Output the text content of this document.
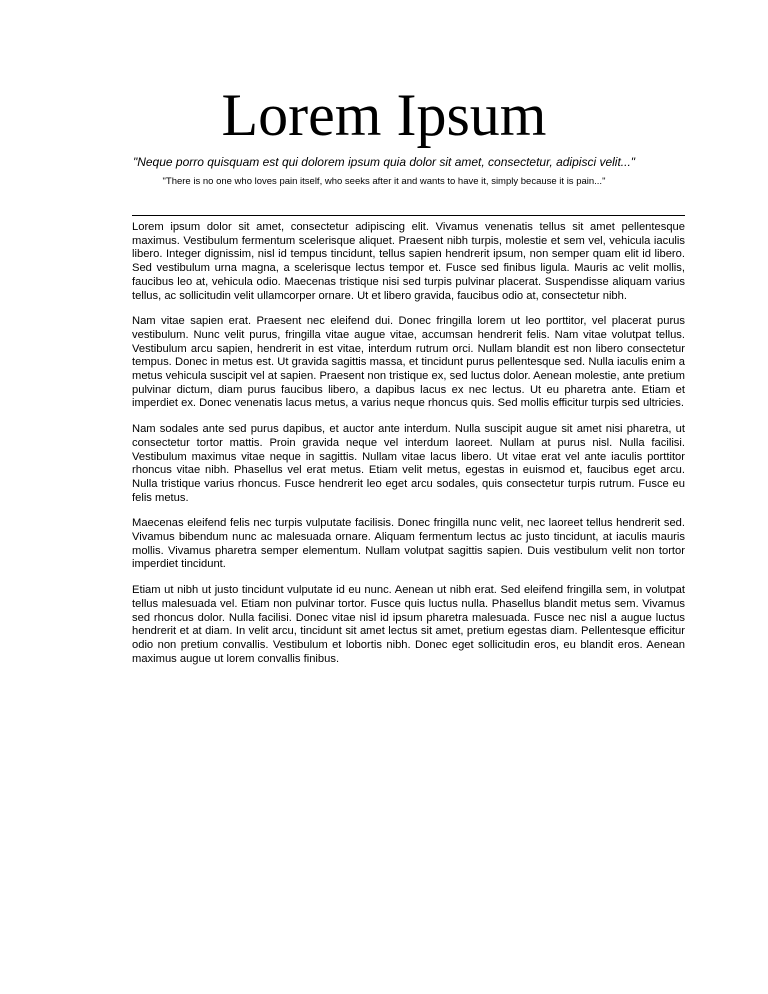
Lorem Ipsum

"Neque porro quisquam est qui dolorem ipsum quia dolor sit amet, consectetur, adipisci velit..."

"There is no one who loves pain itself, who seeks after it and wants to have it, simply because it is pain..."

Lorem ipsum dolor sit amet, consectetur adipiscing elit. Vivamus venenatis tellus sit amet pellentesque maximus. Vestibulum fermentum scelerisque aliquet. Praesent nibh turpis, molestie et sem vel, vehicula iaculis libero. Integer dignissim, nisl id tempus tincidunt, tellus sapien hendrerit ipsum, non semper quam elit id libero. Sed vestibulum urna magna, a scelerisque lectus tempor et. Fusce sed finibus ligula. Mauris ac velit mollis, faucibus leo at, vehicula odio. Maecenas tristique nisi sed turpis pulvinar placerat. Suspendisse aliquam varius tellus, ac sollicitudin velit ullamcorper ornare. Ut et libero gravida, faucibus odio at, consectetur nibh.

Nam vitae sapien erat. Praesent nec eleifend dui. Donec fringilla lorem ut leo porttitor, vel placerat purus vestibulum. Nunc velit purus, fringilla vitae augue vitae, accumsan hendrerit felis. Nam vitae volutpat tellus. Vestibulum arcu sapien, hendrerit in est vitae, interdum rutrum orci. Nullam blandit est non libero consectetur tempus. Donec in metus est. Ut gravida sagittis massa, et tincidunt purus pellentesque sed. Nulla iaculis enim a metus vehicula suscipit vel at sapien. Praesent non tristique ex, sed luctus dolor. Aenean molestie, ante pretium pulvinar dictum, diam purus faucibus libero, a dapibus lacus ex nec lectus. Ut eu pharetra ante. Etiam et imperdiet ex. Donec venenatis lacus metus, a varius neque rhoncus quis. Sed mollis efficitur turpis sed ultricies.

Nam sodales ante sed purus dapibus, et auctor ante interdum. Nulla suscipit augue sit amet nisi pharetra, ut consectetur tortor mattis. Proin gravida neque vel interdum laoreet. Nullam at purus nisl. Nulla facilisi. Vestibulum maximus vitae neque in sagittis. Nullam vitae lacus libero. Ut vitae erat vel ante iaculis porttitor rhoncus vitae nibh. Phasellus vel erat metus. Etiam velit metus, egestas in euismod et, faucibus eget arcu. Nulla tristique varius rhoncus. Fusce hendrerit leo eget arcu sodales, quis consectetur turpis rutrum. Fusce eu felis metus.

Maecenas eleifend felis nec turpis vulputate facilisis. Donec fringilla nunc velit, nec laoreet tellus hendrerit sed. Vivamus bibendum nunc ac malesuada ornare. Aliquam fermentum lectus ac justo tincidunt, at iaculis mauris mollis. Vivamus pharetra semper elementum. Nullam volutpat sagittis sapien. Duis vestibulum velit non tortor imperdiet tincidunt.

Etiam ut nibh ut justo tincidunt vulputate id eu nunc. Aenean ut nibh erat. Sed eleifend fringilla sem, in volutpat tellus malesuada vel. Etiam non pulvinar tortor. Fusce quis luctus nulla. Phasellus blandit metus sem. Vivamus sed rhoncus dolor. Nulla facilisi. Donec vitae nisl id ipsum pharetra malesuada. Fusce nec nisl a augue luctus hendrerit et at diam. In velit arcu, tincidunt sit amet lectus sit amet, pretium egestas diam. Pellentesque efficitur odio non pretium convallis. Vestibulum et lobortis nibh. Donec eget sollicitudin eros, eu blandit eros. Aenean maximus augue ut lorem convallis finibus.
